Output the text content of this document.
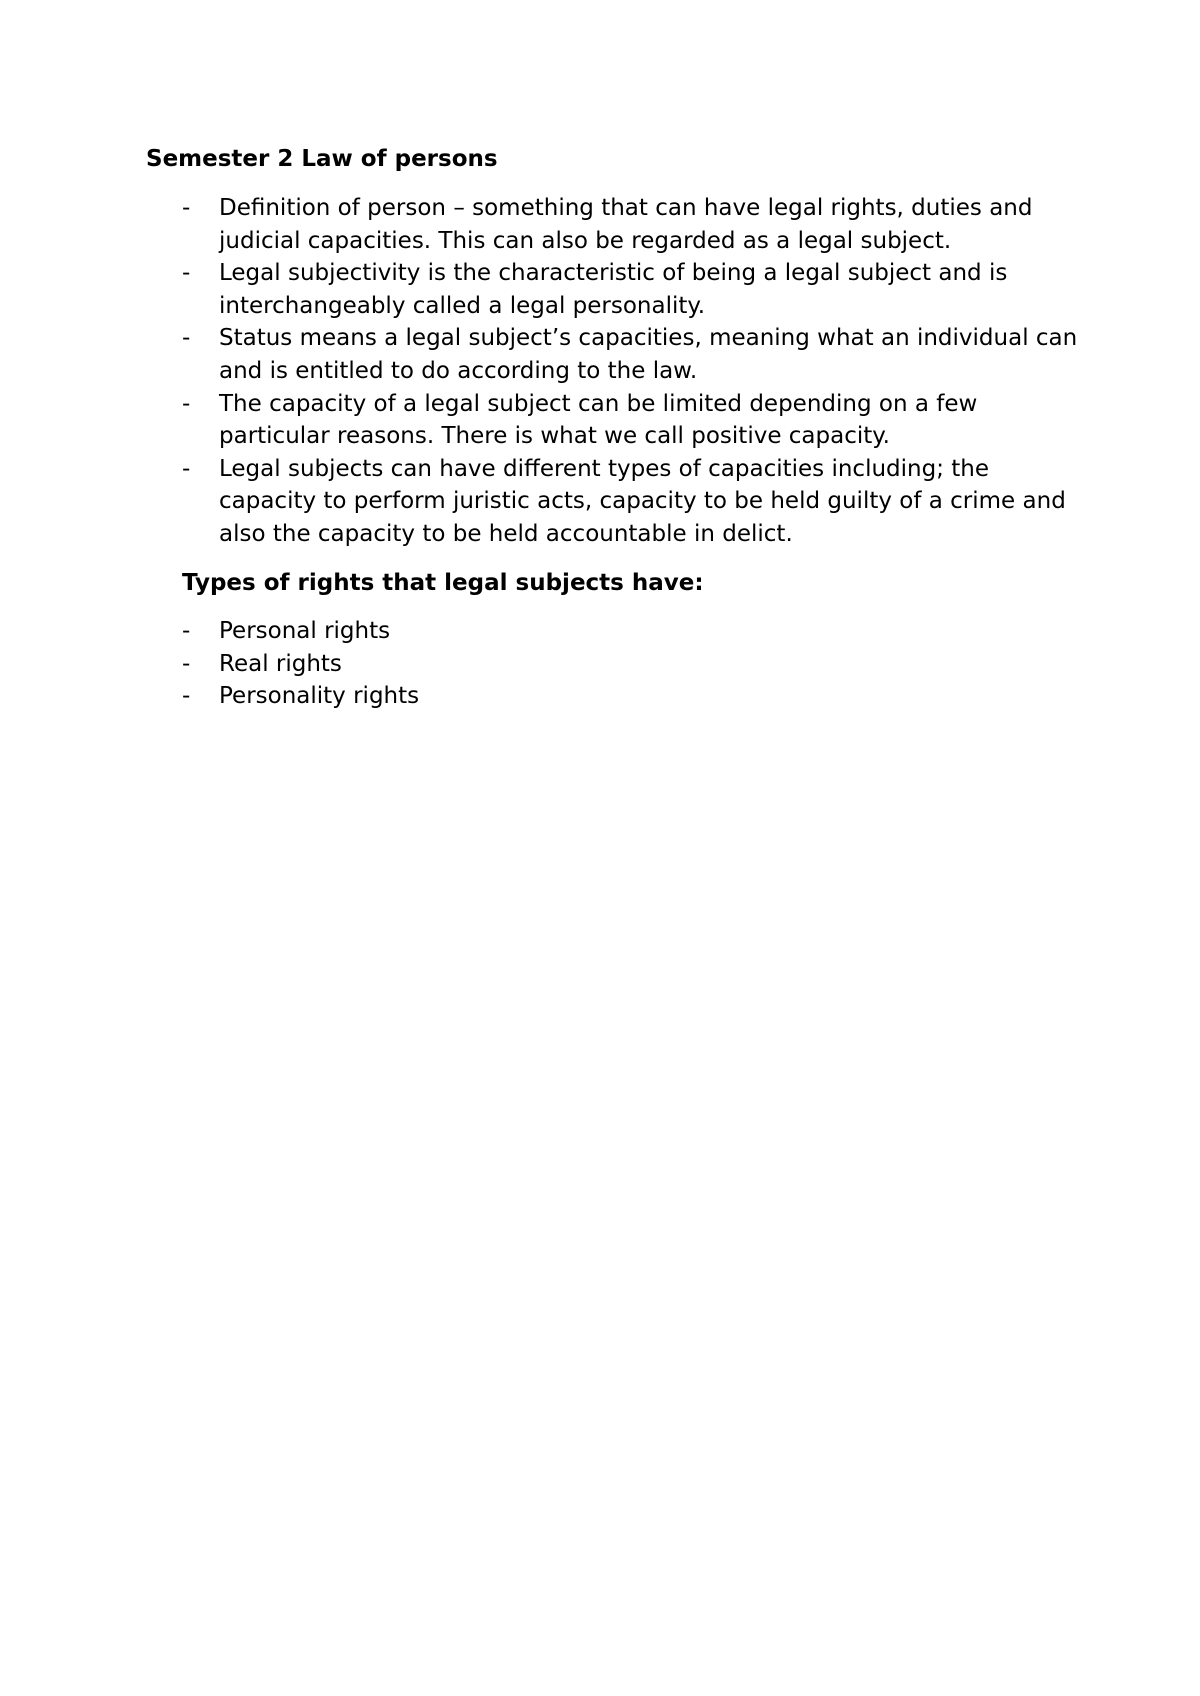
Semester 2 Law of persons
- Definition of person – something that can have legal rights, duties and judicial capacities. This can also be regarded as a legal subject.
- Legal subjectivity is the characteristic of being a legal subject and is interchangeably called a legal personality.
- Status means a legal subject’s capacities, meaning what an individual can and is entitled to do according to the law.
- The capacity of a legal subject can be limited depending on a few particular reasons. There is what we call positive capacity.
- Legal subjects can have different types of capacities including; the capacity to perform juristic acts, capacity to be held guilty of a crime and also the capacity to be held accountable in delict.
Types of rights that legal subjects have:
- Personal rights
- Real rights
- Personality rights
